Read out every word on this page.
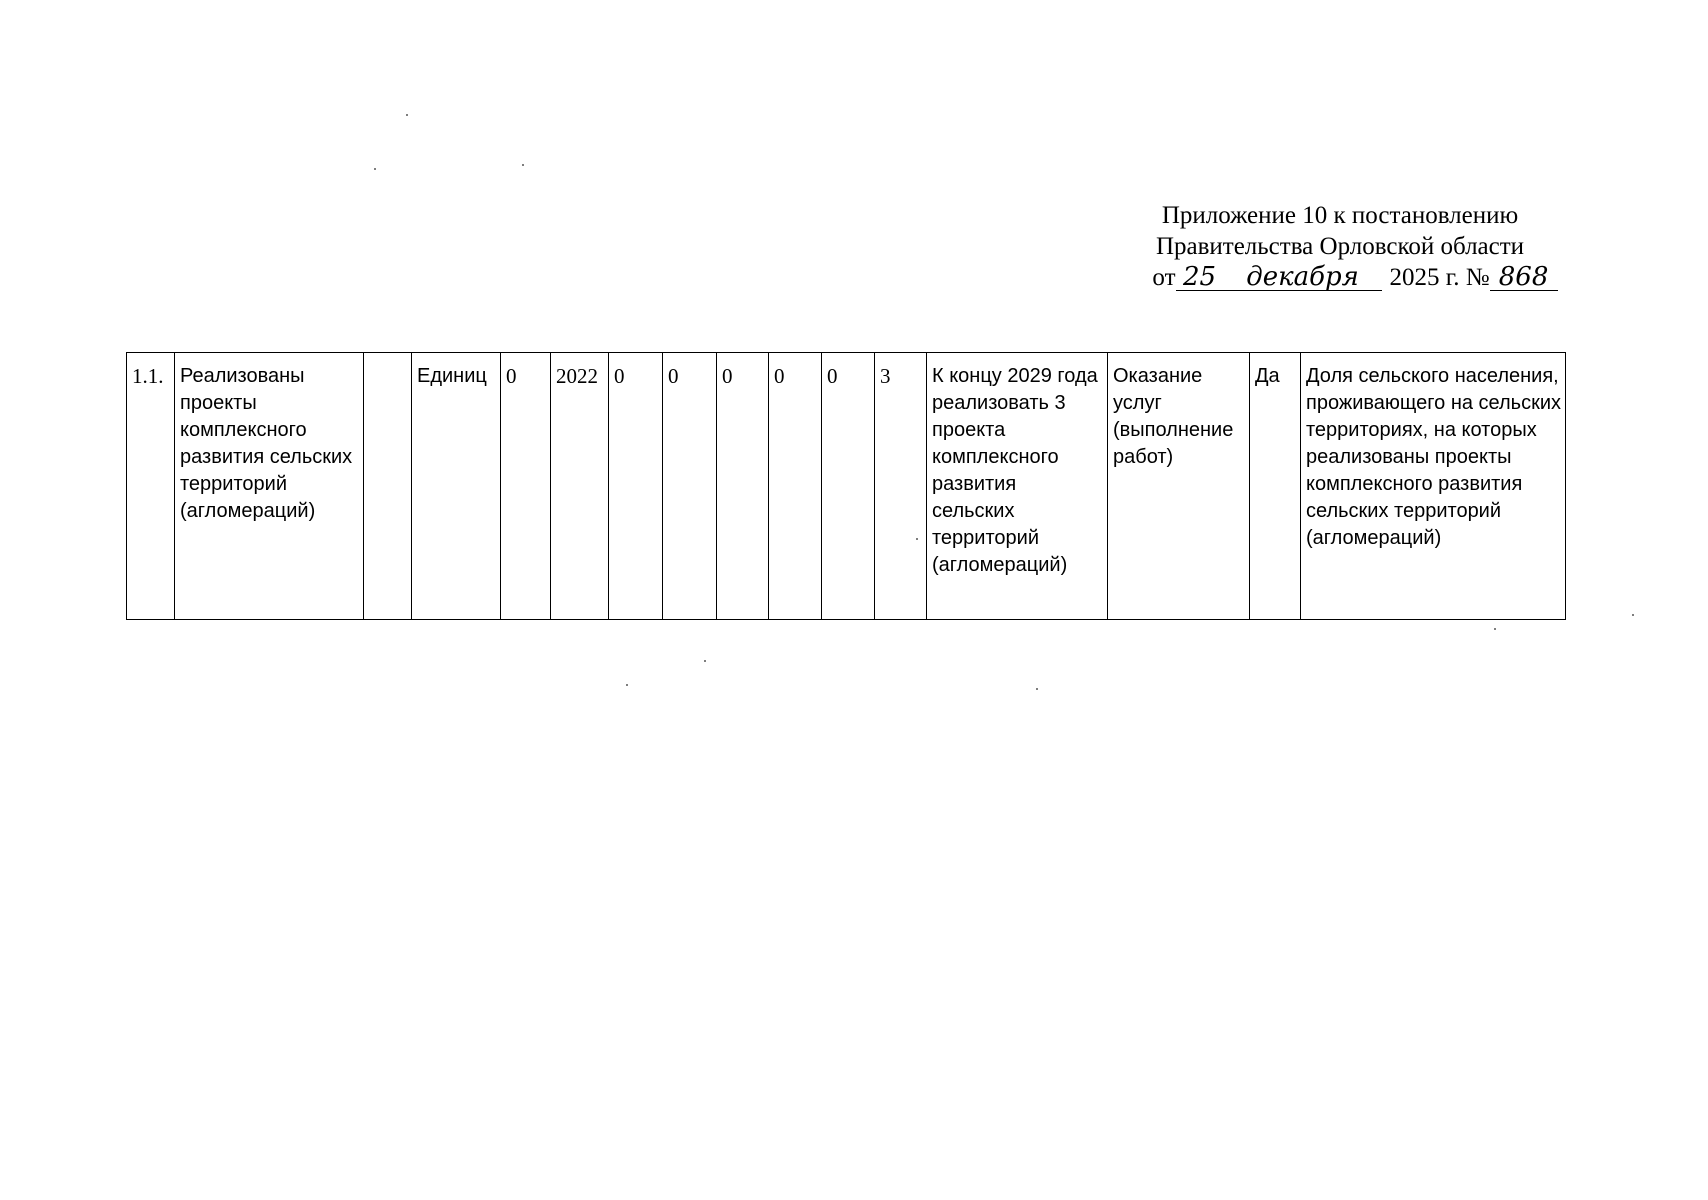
Приложение 10 к постановлению
Правительства Орловской области
от 25 декабря 2025 г. № 868
1.1.	Реализованы проекты комплексного развития сельских территорий (агломераций)		Единиц	0	2022	0	0	0	0	0	3	К концу 2029 года реализовать 3 проекта комплексного развития сельских территорий (агломераций)	Оказание услуг (выполнение работ)	Да	Доля сельского населения, проживающего на сельских территориях, на которых реализованы проекты комплексного развития сельских территорий (агломераций)
